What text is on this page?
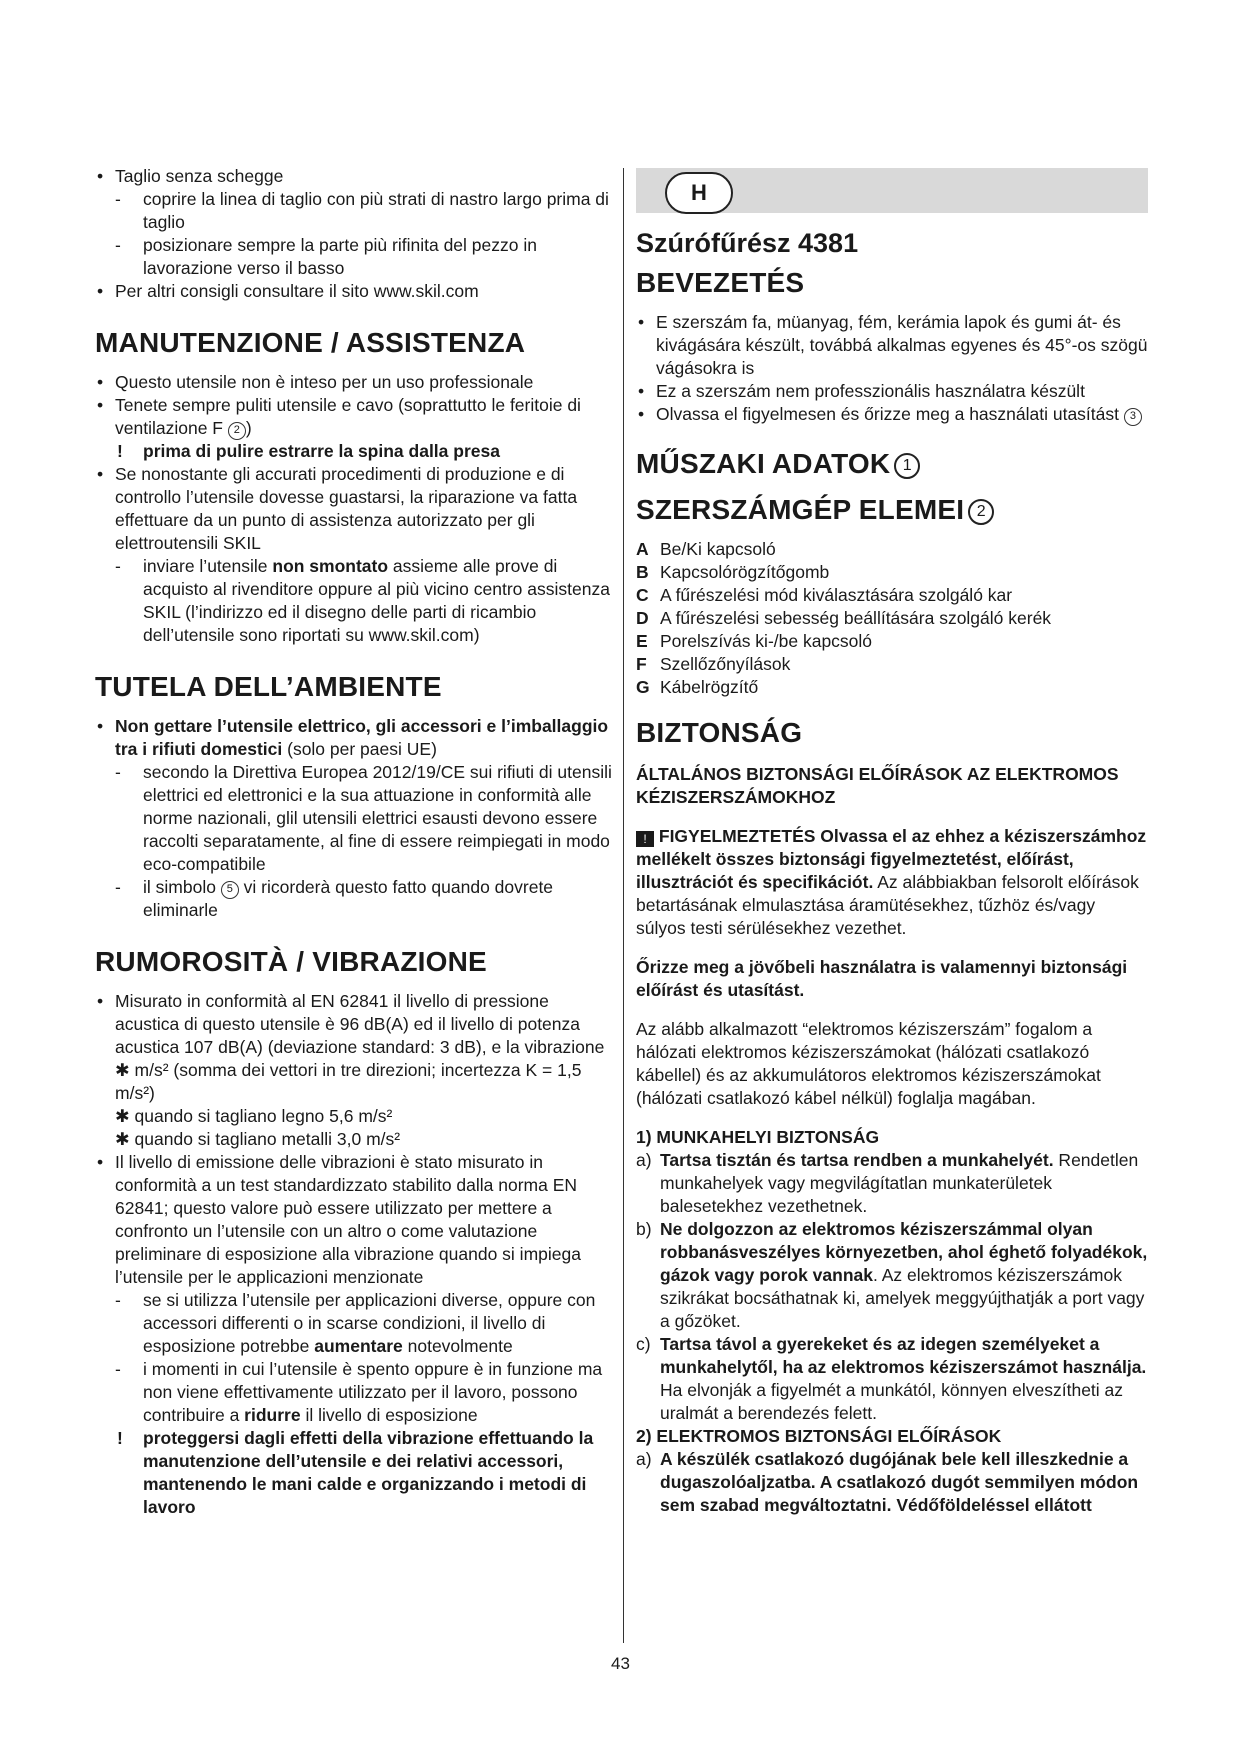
• Taglio senza schegge
- coprire la linea di taglio con più strati di nastro largo prima di taglio
- posizionare sempre la parte più rifinita del pezzo in lavorazione verso il basso
• Per altri consigli consultare il sito www.skil.com
MANUTENZIONE / ASSISTENZA
• Questo utensile non è inteso per un uso professionale
• Tenete sempre puliti utensile e cavo (soprattutto le feritoie di ventilazione F 2 )
! prima di pulire estrarre la spina dalla presa
• Se nonostante gli accurati procedimenti di produzione e di controllo l’utensile dovesse guastarsi, la riparazione va fatta effettuare da un punto di assistenza autorizzato per gli elettroutensili SKIL
- inviare l’utensile non smontato assieme alle prove di acquisto al rivenditore oppure al più vicino centro assistenza SKIL (l’indirizzo ed il disegno delle parti di ricambio dell’utensile sono riportati su www.skil.com)
TUTELA DELL’AMBIENTE
• Non gettare l’utensile elettrico, gli accessori e l’imballaggio tra i rifiuti domestici (solo per paesi UE)
- secondo la Direttiva Europea 2012/19/CE sui rifiuti di utensili elettrici ed elettronici e la sua attuazione in conformità alle norme nazionali, glil utensili elettrici esausti devono essere raccolti separatamente, al fine di essere reimpiegati in modo eco-compatibile
- il simbolo 5 vi ricorderà questo fatto quando dovrete eliminarle
RUMOROSITÀ / VIBRAZIONE
• Misurato in conformità al EN 62841 il livello di pressione acustica di questo utensile è 96 dB(A) ed il livello di potenza acustica 107 dB(A) (deviazione standard: 3 dB), e la vibrazione ✱ m/s² (somma dei vettori in tre direzioni; incertezza K = 1,5 m/s²)
✱ quando si tagliano legno 5,6 m/s²
✱ quando si tagliano metalli 3,0 m/s²
• Il livello di emissione delle vibrazioni è stato misurato in conformità a un test standardizzato stabilito dalla norma EN 62841; questo valore può essere utilizzato per mettere a confronto un l’utensile con un altro o come valutazione preliminare di esposizione alla vibrazione quando si impiega l’utensile per le applicazioni menzionate
- se si utilizza l’utensile per applicazioni diverse, oppure con accessori differenti o in scarse condizioni, il livello di esposizione potrebbe aumentare notevolmente
- i momenti in cui l’utensile è spento oppure è in funzione ma non viene effettivamente utilizzato per il lavoro, possono contribuire a ridurre il livello di esposizione
! proteggersi dagli effetti della vibrazione effettuando la manutenzione dell’utensile e dei relativi accessori, mantenendo le mani calde e organizzando i metodi di lavoro
H
Szúrófűrész 4381
BEVEZETÉS
• E szerszám fa, müanyag, fém, kerámia lapok és gumi át- és kivágására készült, továbbá alkalmas egyenes és 45°-os szögü vágásokra is
• Ez a szerszám nem professzionális használatra készült
• Olvassa el figyelmesen és őrizze meg a használati utasítást 3
MŰSZAKI ADATOK 1
SZERSZÁMGÉP ELEMEI 2
A Be/Ki kapcsoló
B Kapcsolórögzítőgomb
C A fűrészelési mód kiválasztására szolgáló kar
D A fűrészelési sebesség beállítására szolgáló kerék
E Porelszívás ki-/be kapcsoló
F Szellőzőnyílások
G Kábelrögzítő
BIZTONSÁG
ÁLTALÁNOS BIZTONSÁGI ELŐÍRÁSOK AZ ELEKTROMOS KÉZISZERSZÁMOKHOZ
! FIGYELMEZTETÉS Olvassa el az ehhez a kéziszerszámhoz mellékelt összes biztonsági figyelmeztetést, előírást, illusztrációt és specifikációt. Az alábbiakban felsorolt előírások betartásának elmulasztása áramütésekhez, tűzhöz és/vagy súlyos testi sérülésekhez vezethet.
Őrizze meg a jövőbeli használatra is valamennyi biztonsági előírást és utasítást.
Az alább alkalmazott “elektromos kéziszerszám” fogalom a hálózati elektromos kéziszerszámokat (hálózati csatlakozó kábellel) és az akkumulátoros elektromos kéziszerszámokat (hálózati csatlakozó kábel nélkül) foglalja magában.
1) MUNKAHELYI BIZTONSÁG
a) Tartsa tisztán és tartsa rendben a munkahelyét. Rendetlen munkahelyek vagy megvilágítatlan munkaterületek balesetekhez vezethetnek.
b) Ne dolgozzon az elektromos kéziszerszámmal olyan robbanásveszélyes környezetben, ahol éghető folyadékok, gázok vagy porok vannak. Az elektromos kéziszerszámok szikrákat bocsáthatnak ki, amelyek meggyújthatják a port vagy a gőzöket.
c) Tartsa távol a gyerekeket és az idegen személyeket a munkahelytől, ha az elektromos kéziszerszámot használja. Ha elvonják a figyelmét a munkától, könnyen elveszítheti az uralmát a berendezés felett.
2) ELEKTROMOS BIZTONSÁGI ELŐÍRÁSOK
a) A készülék csatlakozó dugójának bele kell illeszkednie a dugaszolóaljzatba. A csatlakozó dugót semmilyen módon sem szabad megváltoztatni. Védőföldeléssel ellátott
43
